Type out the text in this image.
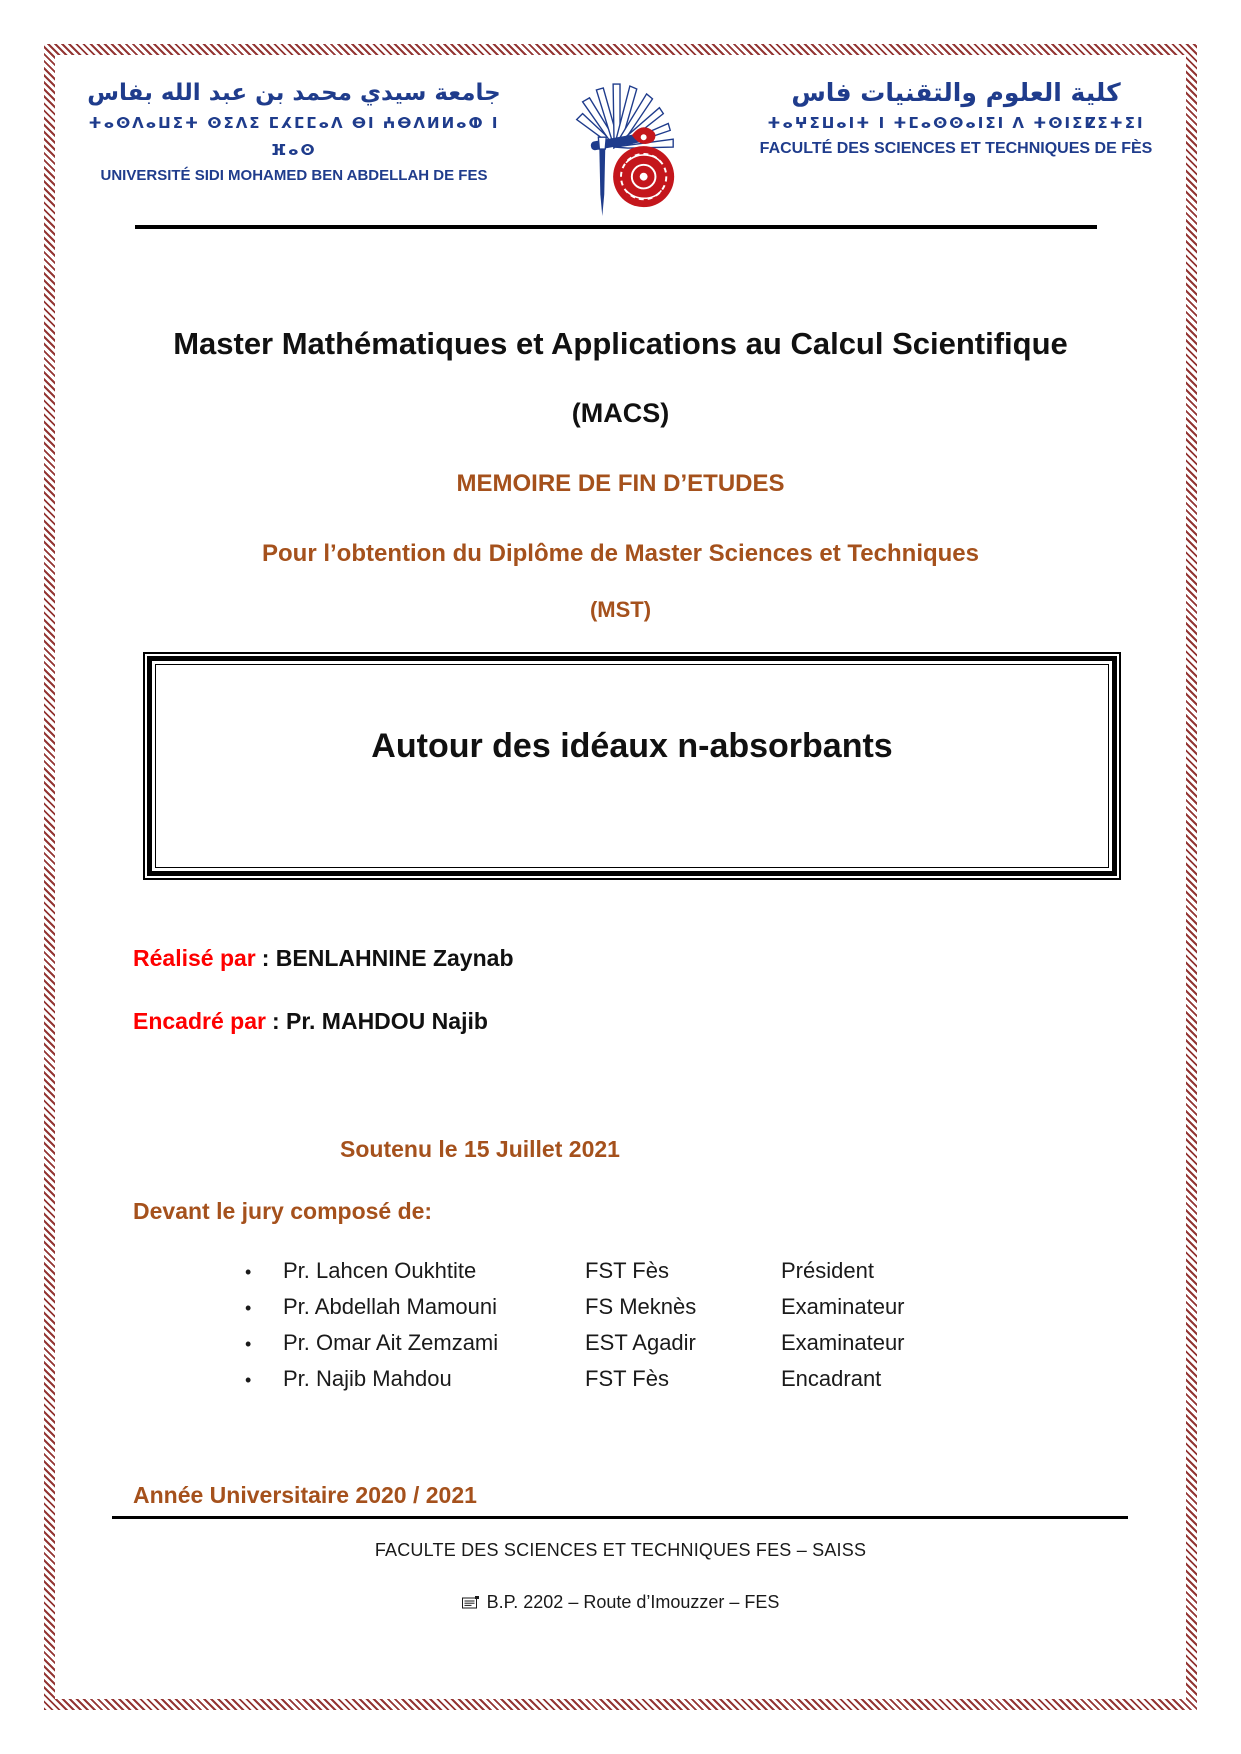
جامعة سيدي محمد بن عبد الله بفاس
ⵜⴰⵙⴷⴰⵡⵉⵜ ⵙⵉⴷⵉ ⵎⵃⵎⵎⴰⴷ ⴱⵏ ⵄⴱⴷⵍⵍⴰⵀ ⵏ ⴼⴰⵙ
UNIVERSITÉ SIDI MOHAMED BEN ABDELLAH DE FES
كلية العلوم والتقنيات فاس
ⵜⴰⵖⵉⵡⴰⵏⵜ ⵏ ⵜⵎⴰⵙⵙⴰⵏⵉⵏ ⴷ ⵜⵙⵏⵉⵇⵉⵜⵉⵏ
FACULTÉ DES SCIENCES ET TECHNIQUES DE FÈS
Master Mathématiques et Applications au Calcul Scientifique
(MACS)
MEMOIRE DE FIN D’ETUDES
Pour l’obtention du Diplôme de Master Sciences et Techniques
(MST)
Autour des idéaux n-absorbants
Réalisé par : BENLAHNINE Zaynab
Encadré par : Pr. MAHDOU Najib
Soutenu le 15 Juillet 2021
Devant le jury composé de:
•	Pr. Lahcen Oukhtite	FST Fès	Président
•	Pr. Abdellah Mamouni	FS Meknès	Examinateur
•	Pr. Omar Ait Zemzami	EST Agadir	Examinateur
•	Pr. Najib Mahdou	FST Fès	Encadrant
Année Universitaire 2020 / 2021
FACULTE DES SCIENCES ET TECHNIQUES FES – SAISS
B.P. 2202 – Route d’Imouzzer – FES
